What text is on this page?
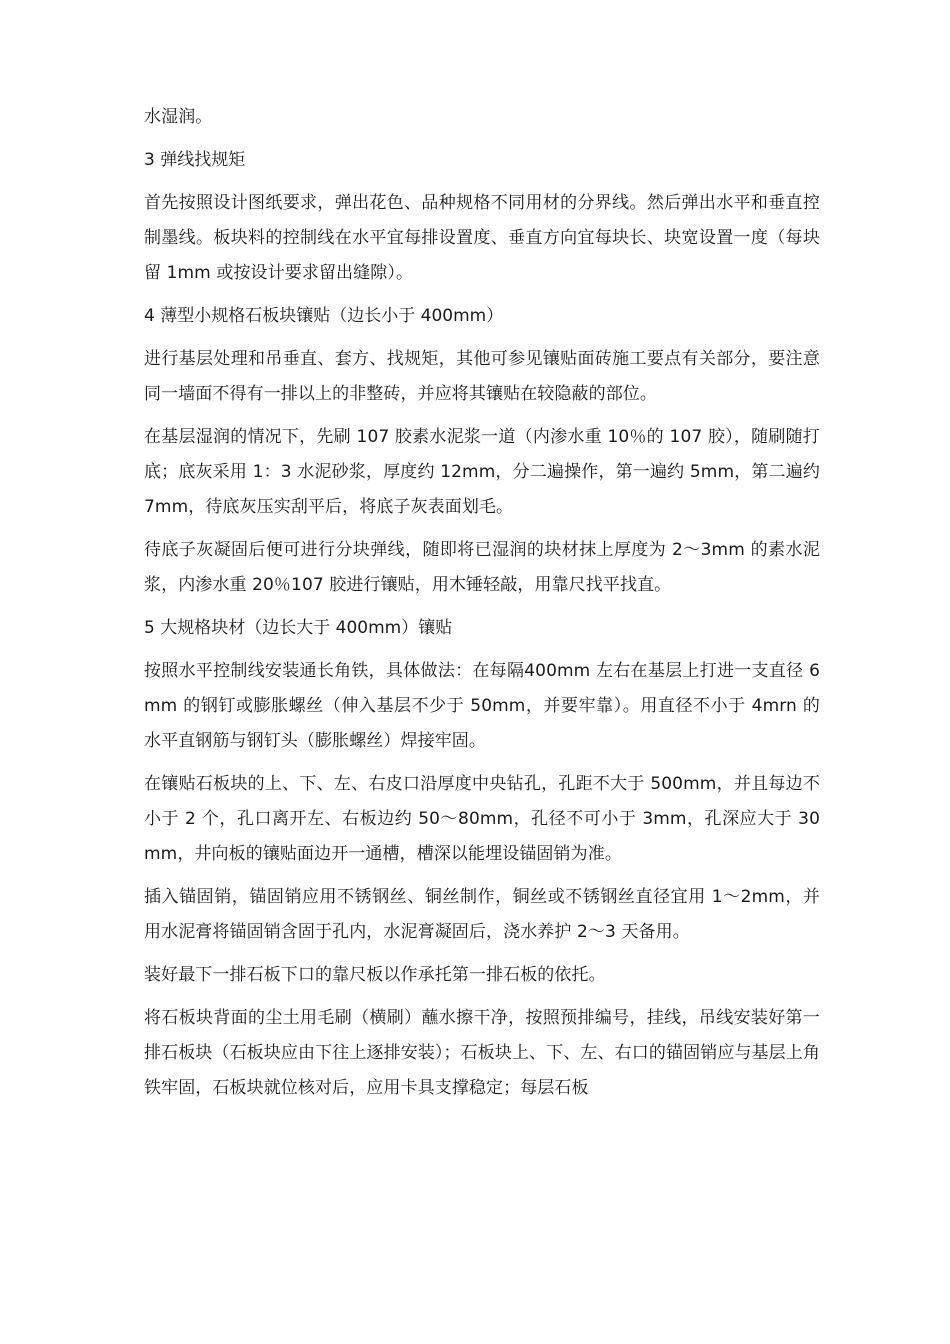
水湿润。

3 弹线找规矩

首先按照设计图纸要求，弹出花色、品种规格不同用材的分界线。然后弹出水平和垂直控制墨线。板块料的控制线在水平宜每排设置度、垂直方向宜每块长、块宽设置一度（每块留 1mm 或按设计要求留出缝隙）。

4 薄型小规格石板块镶贴（边长小于 400mm）

进行基层处理和吊垂直、套方、找规矩，其他可参见镶贴面砖施工要点有关部分，要注意同一墙面不得有一排以上的非整砖，并应将其镶贴在较隐蔽的部位。

在基层湿润的情况下，先刷 107 胶素水泥浆一道（内渗水重 10％的 107 胶），随刷随打底；底灰采用 1：3 水泥砂浆，厚度约 12mm，分二遍操作，第一遍约 5mm，第二遍约 7mm，待底灰压实刮平后，将底子灰表面划毛。

待底子灰凝固后便可进行分块弹线，随即将已湿润的块材抹上厚度为 2～3mm 的素水泥浆，内渗水重 20％107 胶进行镶贴，用木锤轻敲，用靠尺找平找直。

5 大规格块材（边长大于 400mm）镶贴

按照水平控制线安装通长角铁，具体做法：在每隔400mm 左右在基层上打进一支直径 6mm 的钢钉或膨胀螺丝（伸入基层不少于 50mm，并要牢靠）。用直径不小于 4mrn 的水平直钢筋与钢钉头（膨胀螺丝）焊接牢固。

在镶贴石板块的上、下、左、右皮口沿厚度中央钻孔，孔距不大于 500mm，并且每边不小于 2 个，孔口离开左、右板边约 50～80mm，孔径不可小于 3mm，孔深应大于 30mm，井向板的镶贴面边开一通槽，槽深以能埋设锚固销为准。

插入锚固销，锚固销应用不锈钢丝、铜丝制作，铜丝或不锈钢丝直径宜用 1～2mm，并用水泥膏将锚固销含固于孔内，水泥膏凝固后，浇水养护 2～3 天备用。

装好最下一排石板下口的靠尺板以作承托第一排石板的依托。

将石板块背面的尘土用毛刷（横刷）蘸水擦干净，按照预排编号，挂线，吊线安装好第一排石板块（石板块应由下往上逐排安装）；石板块上、下、左、右口的锚固销应与基层上角铁牢固，石板块就位核对后，应用卡具支撑稳定；每层石板
